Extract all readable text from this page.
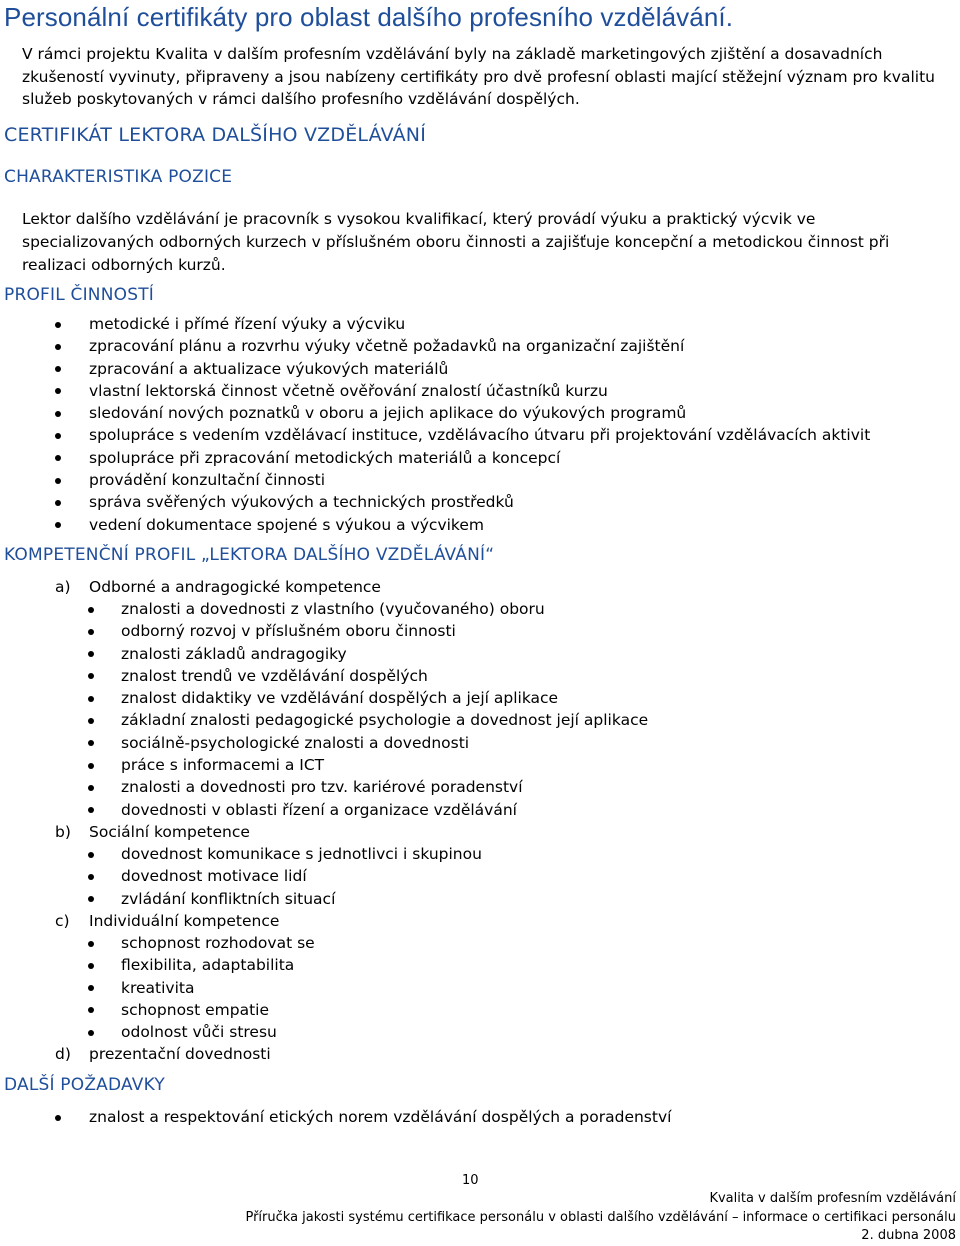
Personální certifikáty pro oblast dalšího profesního vzdělávání.

V rámci projektu Kvalita v dalším profesním vzdělávání byly na základě marketingových zjištění a dosavadních zkušeností vyvinuty, připraveny a jsou nabízeny certifikáty pro dvě profesní oblasti mající stěžejní význam pro kvalitu služeb poskytovaných v rámci dalšího profesního vzdělávání dospělých.

CERTIFIKÁT LEKTORA DALŠÍHO VZDĚLÁVÁNÍ
CHARAKTERISTIKA POZICE

Lektor dalšího vzdělávání je pracovník s vysokou kvalifikací, který provádí výuku a praktický výcvik ve specializovaných odborných kurzech v příslušném oboru činnosti a zajišťuje koncepční a metodickou činnost při realizaci odborných kurzů.

PROFIL ČINNOSTÍ
metodické i přímé řízení výuky a výcviku
zpracování plánu a rozvrhu výuky včetně požadavků na organizační zajištění
zpracování a aktualizace výukových materiálů
vlastní lektorská činnost včetně ověřování znalostí účastníků kurzu
sledování nových poznatků v oboru a jejich aplikace do výukových programů
spolupráce s vedením vzdělávací instituce, vzdělávacího útvaru při projektování vzdělávacích aktivit
spolupráce při zpracování metodických materiálů a koncepcí
provádění konzultační činnosti
správa svěřených výukových a technických prostředků
vedení dokumentace spojené s výukou a výcvikem
KOMPETENČNÍ PROFIL „LEKTORA DALŠÍHO VZDĚLÁVÁNÍ“
a) Odborné a andragogické kompetence
znalosti a dovednosti z vlastního (vyučovaného) oboru
odborný rozvoj v příslušném oboru činnosti
znalosti základů andragogiky
znalost trendů ve vzdělávání dospělých
znalost didaktiky ve vzdělávání dospělých a její aplikace
základní znalosti pedagogické psychologie a dovednost její aplikace
sociálně-psychologické znalosti a dovednosti
práce s informacemi a ICT
znalosti a dovednosti pro tzv. kariérové poradenství
dovednosti v oblasti řízení a organizace vzdělávání
b) Sociální kompetence
dovednost komunikace s jednotlivci i skupinou
dovednost motivace lidí
zvládání konfliktních situací
c) Individuální kompetence
schopnost rozhodovat se
flexibilita, adaptabilita
kreativita
schopnost empatie
odolnost vůči stresu
d) prezentační dovednosti
DALŠÍ POŽADAVKY
znalost a respektování etických norem vzdělávání dospělých a poradenství
10
Kvalita v dalším profesním vzdělávání
Příručka jakosti systému certifikace personálu v oblasti dalšího vzdělávání – informace o certifikaci personálu
2. dubna 2008
